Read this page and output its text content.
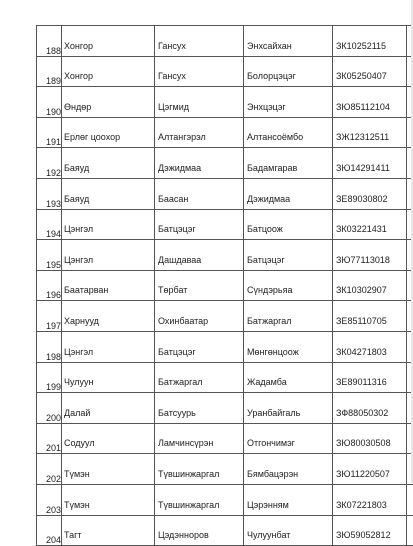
188	Хонгор	Гансух	Энхсайхан	ЗК10252115	
189	Хонгор	Гансух	Болорцэцэг	ЗК05250407	
190	Өндөр	Цэгмид	Энхцэцэг	ЗЮ85112104	
191	Ерлөг цоохор	Алтангэрэл	Алтансоёмбо	ЗЖ12312511	
192	Баяуд	Дэжидмаа	Бадамгарав	ЗЮ14291411	
193	Баяуд	Баасан	Дэжидмаа	ЗЕ89030802	
194	Цэнгэл	Батцэцэг	Батцоож	ЗК03221431	
195	Цэнгэл	Дашдаваа	Батцэцэг	ЗЮ77113018	
196	Баатарван	Төрбат	Сүндэрьяа	ЗК10302907	
197	Харнууд	Охинбаатар	Батжаргал	ЗЕ85110705	
198	Цэнгэл	Батцэцэг	Мөнгөнцоож	ЗК04271803	
199	Чулуун	Батжаргал	Жадамба	ЗЕ89011316	
200	Далай	Батсуурь	Уранбайгаль	ЗФ88050302	
201	Содуул	Ламчинсүрэн	Отгончимэг	ЗЮ80030508	
202	Түмэн	Түвшинжаргал	Бямбацэрэн	ЗЮ11220507	
203	Түмэн	Түвшинжаргал	Цэрэнням	ЗК07221803	
204	Тагт	Цэдэнноров	Чулуунбат	ЗЮ59052812	
